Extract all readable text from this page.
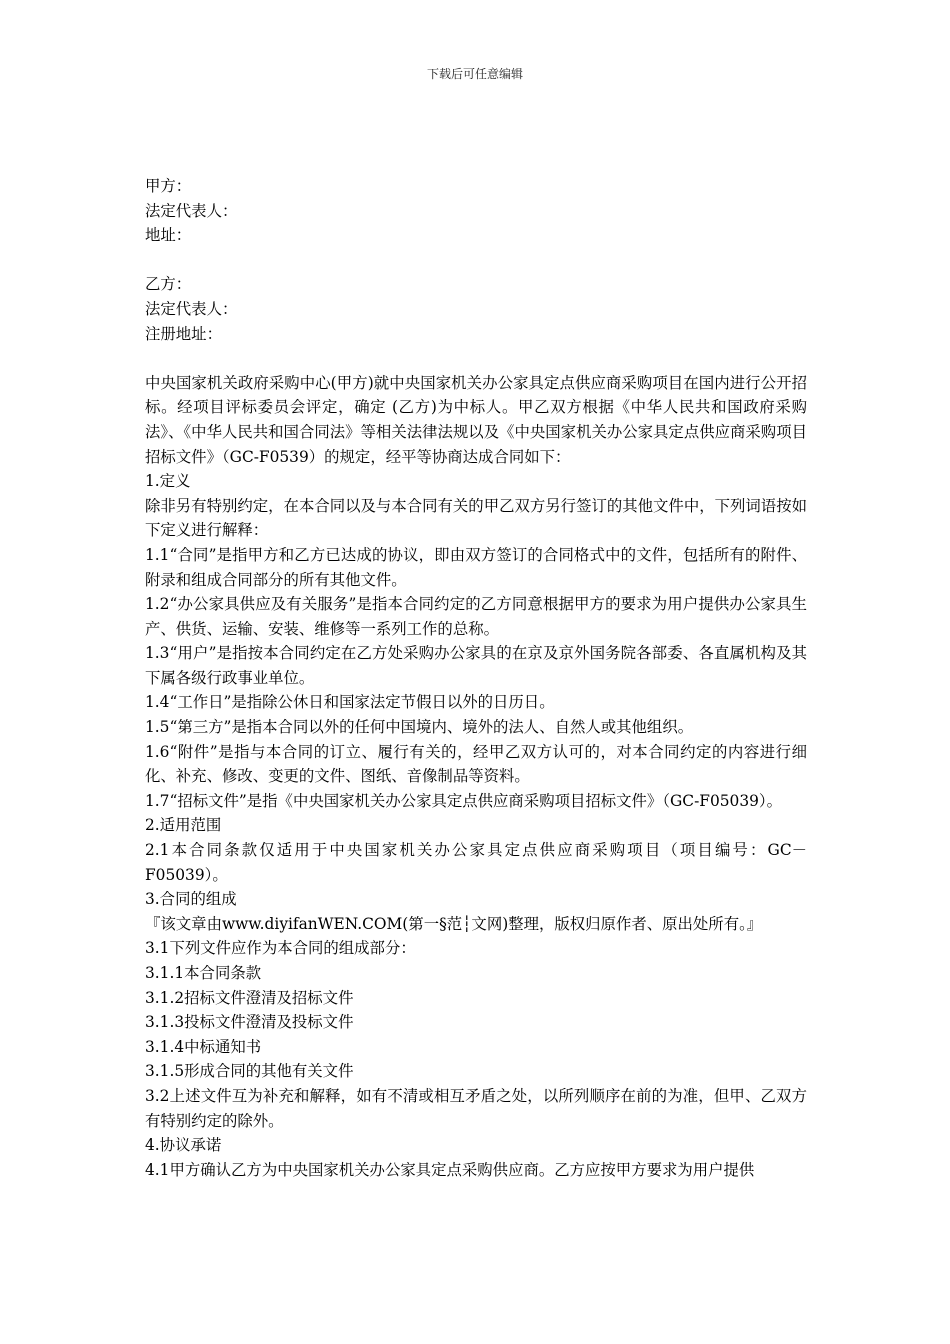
下载后可任意编辑
甲方：
法定代表人：
地址：
乙方：
法定代表人：
注册地址：
中央国家机关政府采购中心(甲方)就中央国家机关办公家具定点供应商采购项目在国内进行公开招标。经项目评标委员会评定，确定 (乙方)为中标人。甲乙双方根据《中华人民共和国政府采购法》、《中华人民共和国合同法》等相关法律法规以及《中央国家机关办公家具定点供应商采购项目招标文件》（GC-F0539）的规定，经平等协商达成合同如下：
1.定义
除非另有特别约定，在本合同以及与本合同有关的甲乙双方另行签订的其他文件中，下列词语按如下定义进行解释：
1.1“合同”是指甲方和乙方已达成的协议，即由双方签订的合同格式中的文件，包括所有的附件、附录和组成合同部分的所有其他文件。
1.2“办公家具供应及有关服务”是指本合同约定的乙方同意根据甲方的要求为用户提供办公家具生产、供货、运输、安装、维修等一系列工作的总称。
1.3“用户”是指按本合同约定在乙方处采购办公家具的在京及京外国务院各部委、各直属机构及其下属各级行政事业单位。
1.4“工作日”是指除公休日和国家法定节假日以外的日历日。
1.5“第三方”是指本合同以外的任何中国境内、境外的法人、自然人或其他组织。
1.6“附件”是指与本合同的订立、履行有关的，经甲乙双方认可的，对本合同约定的内容进行细化、补充、修改、变更的文件、图纸、音像制品等资料。
1.7“招标文件”是指《中央国家机关办公家具定点供应商采购项目招标文件》（GC-F05039）。
2.适用范围
2.1本合同条款仅适用于中央国家机关办公家具定点供应商采购项目（项目编号：GC－F05039）。
3.合同的组成
『该文章由www.diyifanWEN.COM(第一§范┆文网)整理，版权归原作者、原出处所有。』
3.1下列文件应作为本合同的组成部分：
3.1.1本合同条款
3.1.2招标文件澄清及招标文件
3.1.3投标文件澄清及投标文件
3.1.4中标通知书
3.1.5形成合同的其他有关文件
3.2上述文件互为补充和解释，如有不清或相互矛盾之处，以所列顺序在前的为准，但甲、乙双方有特别约定的除外。
4.协议承诺
4.1甲方确认乙方为中央国家机关办公家具定点采购供应商。乙方应按甲方要求为用户提供
